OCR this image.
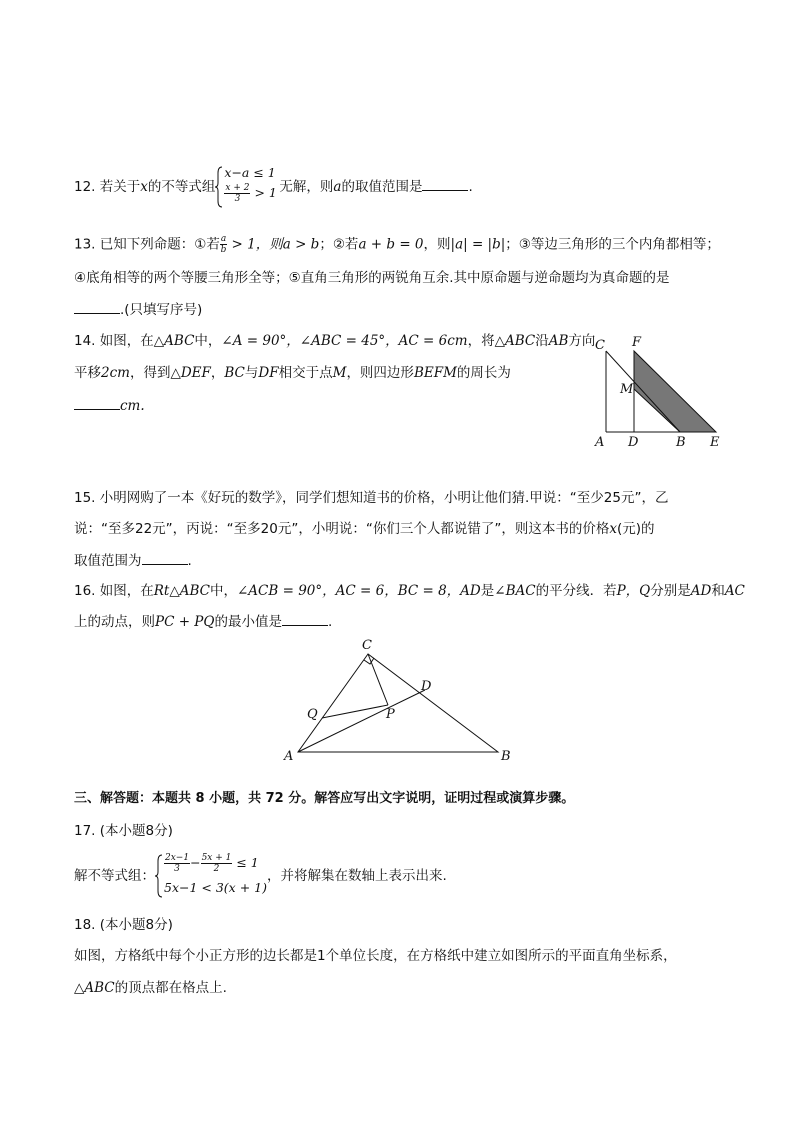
12. 若关于x的不等式组
x−a ≤ 1
$\frac{x + 2}{3} > 1$ 无解，则a的取值范围是	.
13. 已知下列命题：①若 $\frac{a}{b} > 1$，则a > b；②若a + b = 0，则|a| = |b|；③等边三角形的三个内角都相等；
④底角相等的两个等腰三角形全等；⑤直角三角形的两锐角互余.其中原命题与逆命题均为真命题的是
.(只填写序号)
14. 如图，在△ABC中，∠A = 90°，∠ABC = 45°，AC = 6cm，将△ABC沿AB方向
平移2cm，得到△DEF，BC与DF相交于点M，则四边形BEFM的周长为
cm.
C F
M
A D	B E
15. 小明网购了一本《好玩的数学》，同学们想知道书的价格，小明让他们猜.甲说：“至少25元”，乙
说：“至多22元”，丙说：“至多20元”，小明说：“你们三个人都说错了”，则这本书的价格x(元)的
取值范围为	.
16. 如图，在Rt△ABC中，∠ACB = 90°，AC = 6，BC = 8，AD是∠BAC的平分线．若P，Q分别是AD和AC
上的动点，则PC + PQ的最小值是	.
C
D
Q	P
A	B
三、解答题：本题共 8 小题，共 72 分。解答应写出文字说明，证明过程或演算步骤。
17. (本小题8分)
解不等式组：
$\frac{2x-1}{3} - \frac{5x + 1}{2} \le 1$
5x−1 < 3(x + 1)
，并将解集在数轴上表示出来.
18. (本小题8分)
如图，方格纸中每个小正方形的边长都是1个单位长度，在方格纸中建立如图所示的平面直角坐标系，
△ABC的顶点都在格点上.
